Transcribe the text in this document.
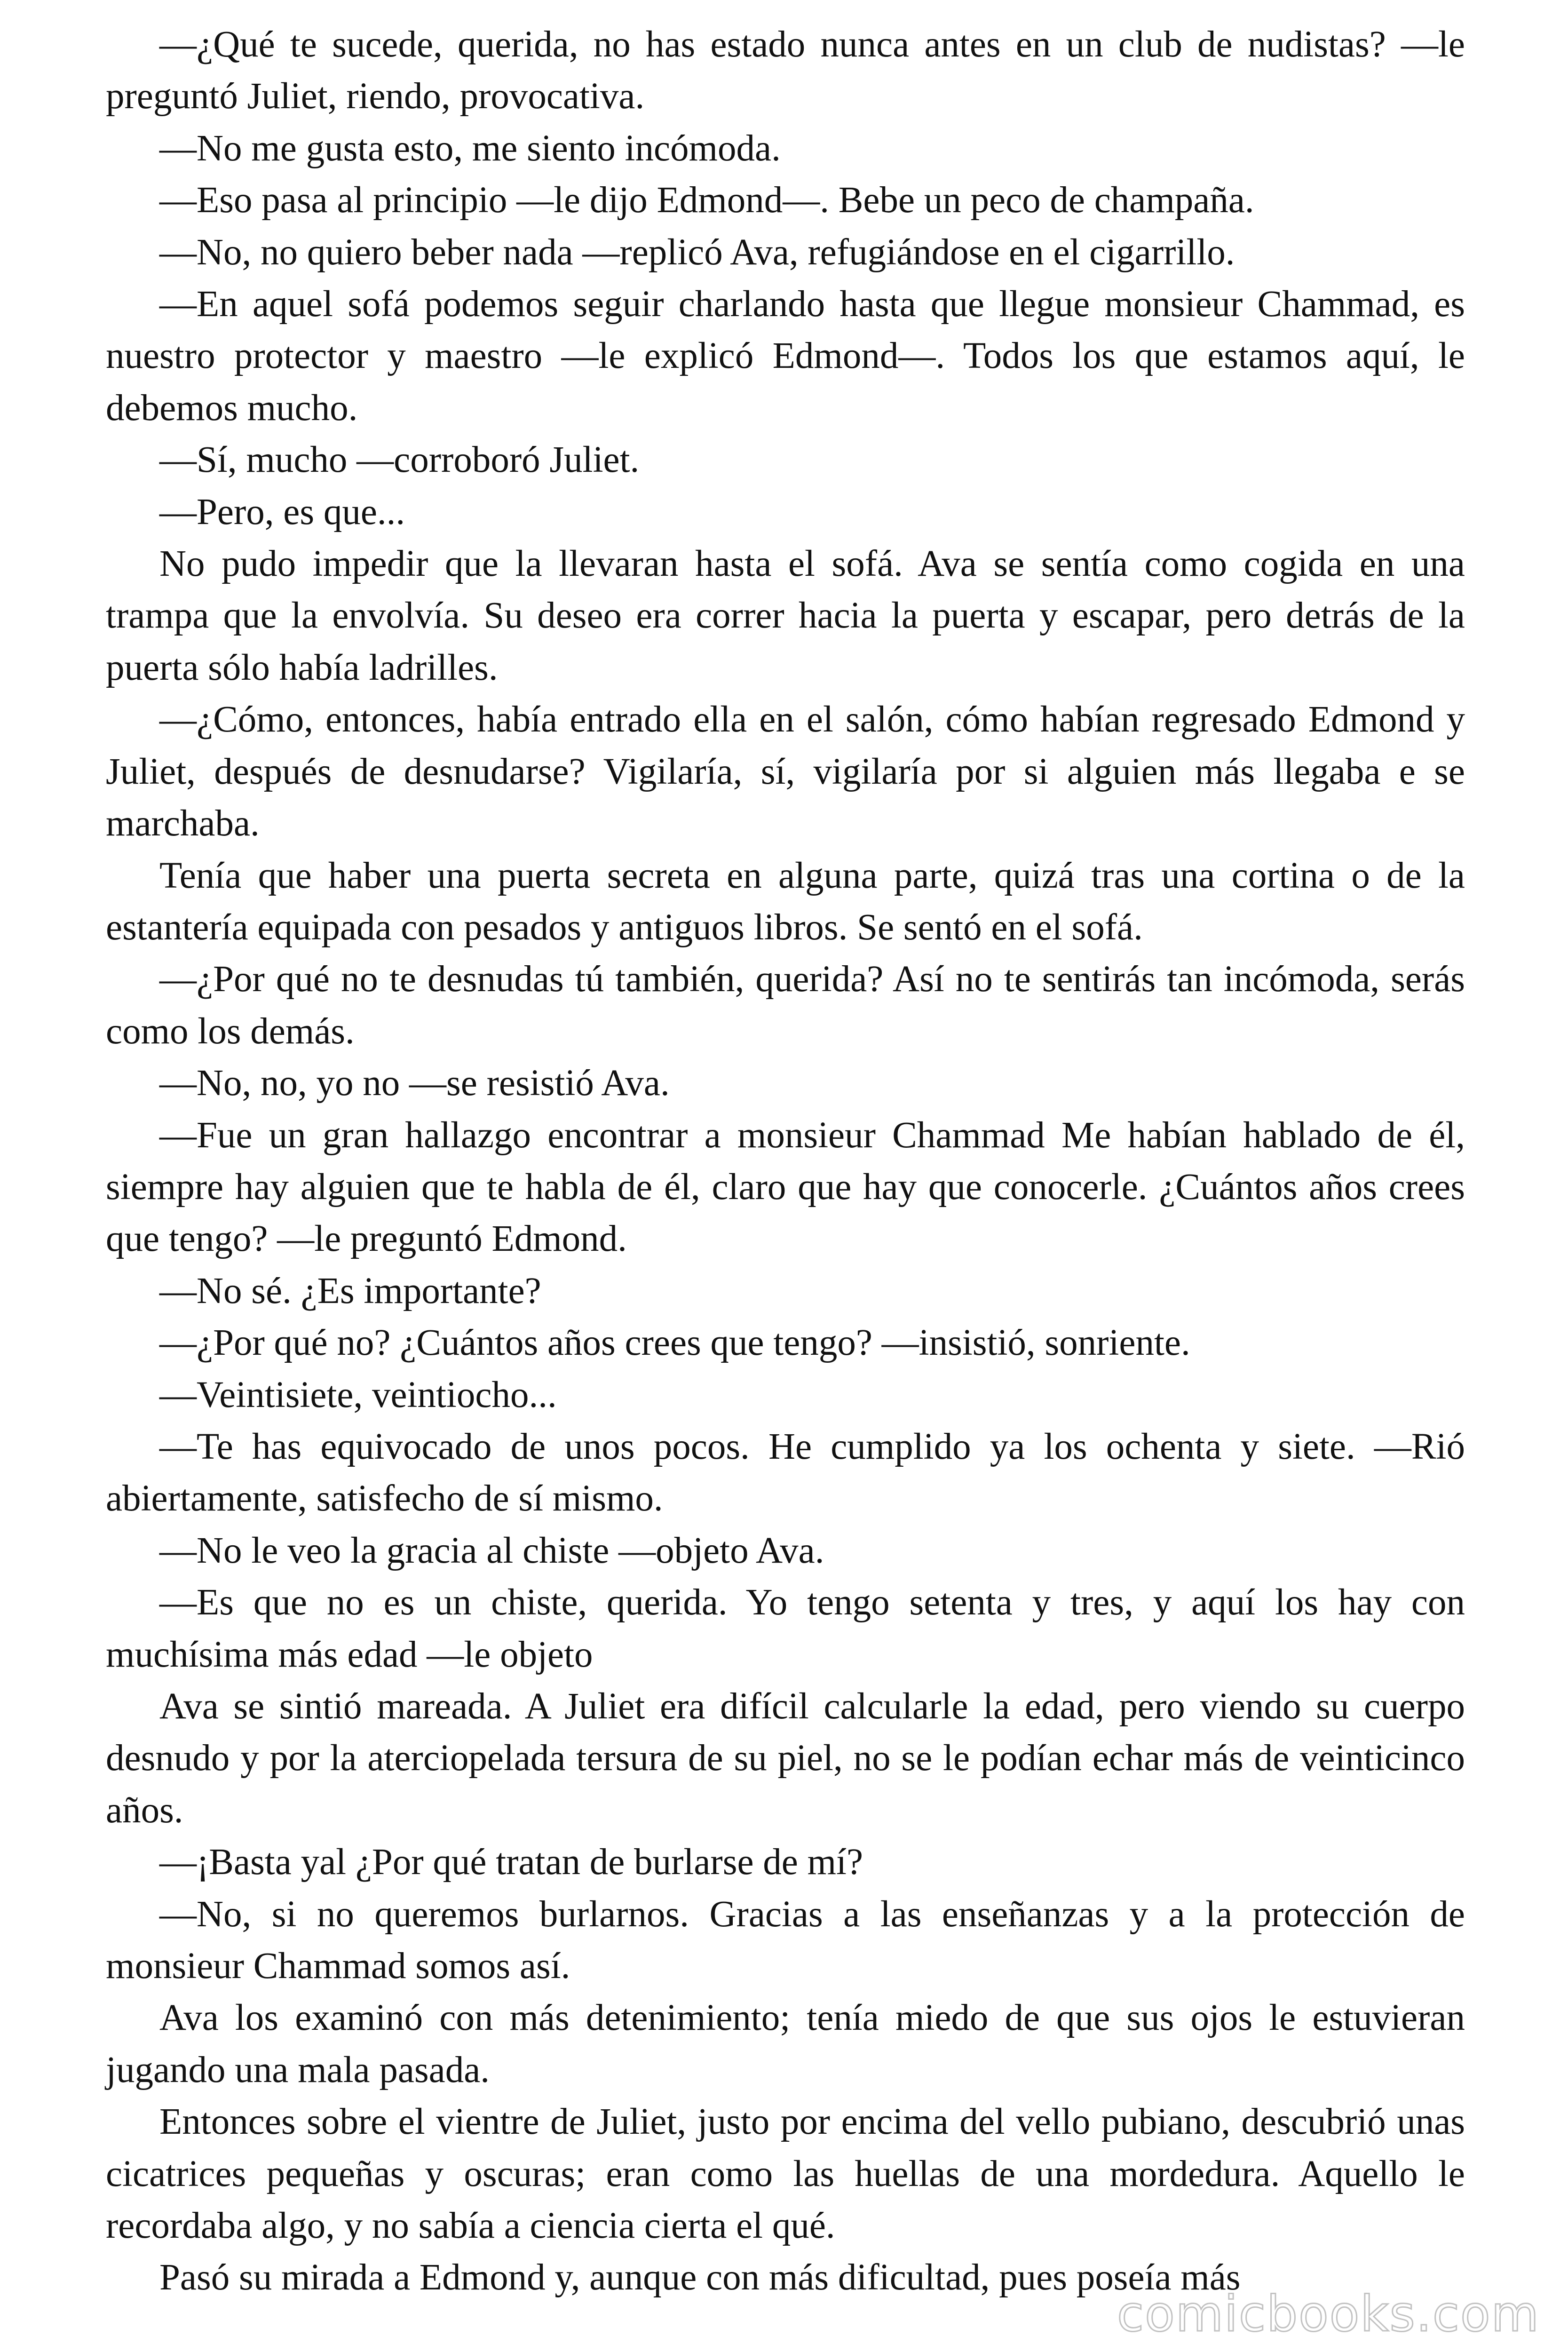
—¿Qué te sucede, querida, no has estado nunca antes en un club de nudistas? —le preguntó Juliet, riendo, provocativa.

—No me gusta esto, me siento incómoda.

—Eso pasa al principio —le dijo Edmond—. Bebe un peco de champaña.

—No, no quiero beber nada —replicó Ava, refugiándose en el cigarrillo.

—En aquel sofá podemos seguir charlando hasta que llegue monsieur Chammad, es nuestro protector y maestro —le explicó Edmond—. Todos los que estamos aquí, le debemos mucho.

—Sí, mucho —corroboró Juliet.

—Pero, es que...

No pudo impedir que la llevaran hasta el sofá. Ava se sentía como cogida en una trampa que la envolvía. Su deseo era correr hacia la puerta y escapar, pero detrás de la puerta sólo había ladrilles.

—¿Cómo, entonces, había entrado ella en el salón, cómo habían regresado Edmond y Juliet, después de desnudarse? Vigilaría, sí, vigilaría por si alguien más llegaba e se marchaba.

Tenía que haber una puerta secreta en alguna parte, quizá tras una cortina o de la estantería equipada con pesados y antiguos libros. Se sentó en el sofá.

—¿Por qué no te desnudas tú también, querida? Así no te sentirás tan incómoda, serás como los demás.

—No, no, yo no —se resistió Ava.

—Fue un gran hallazgo encontrar a monsieur Chammad Me habían hablado de él, siempre hay alguien que te habla de él, claro que hay que conocerle. ¿Cuántos años crees que tengo? —le preguntó Edmond.

—No sé. ¿Es importante?

—¿Por qué no? ¿Cuántos años crees que tengo? —insistió, sonriente.

—Veintisiete, veintiocho...

—Te has equivocado de unos pocos. He cumplido ya los ochenta y siete. —Rió abiertamente, satisfecho de sí mismo.

—No le veo la gracia al chiste —objeto Ava.

—Es que no es un chiste, querida. Yo tengo setenta y tres, y aquí los hay con muchísima más edad —le objeto

Ava se sintió mareada. A Juliet era difícil calcularle la edad, pero viendo su cuerpo desnudo y por la aterciopelada tersura de su piel, no se le podían echar más de veinticinco años.

—¡Basta yal ¿Por qué tratan de burlarse de mí?

—No, si no queremos burlarnos. Gracias a las enseñanzas y a la protección de monsieur Chammad somos así.

Ava los examinó con más detenimiento; tenía miedo de que sus ojos le estuvieran jugando una mala pasada.

Entonces sobre el vientre de Juliet, justo por encima del vello pubiano, descubrió unas cicatrices pequeñas y oscuras; eran como las huellas de una mordedura. Aquello le recordaba algo, y no sabía a ciencia cierta el qué.

Pasó su mirada a Edmond y, aunque con más dificultad, pues poseía más

comicbooks.com
